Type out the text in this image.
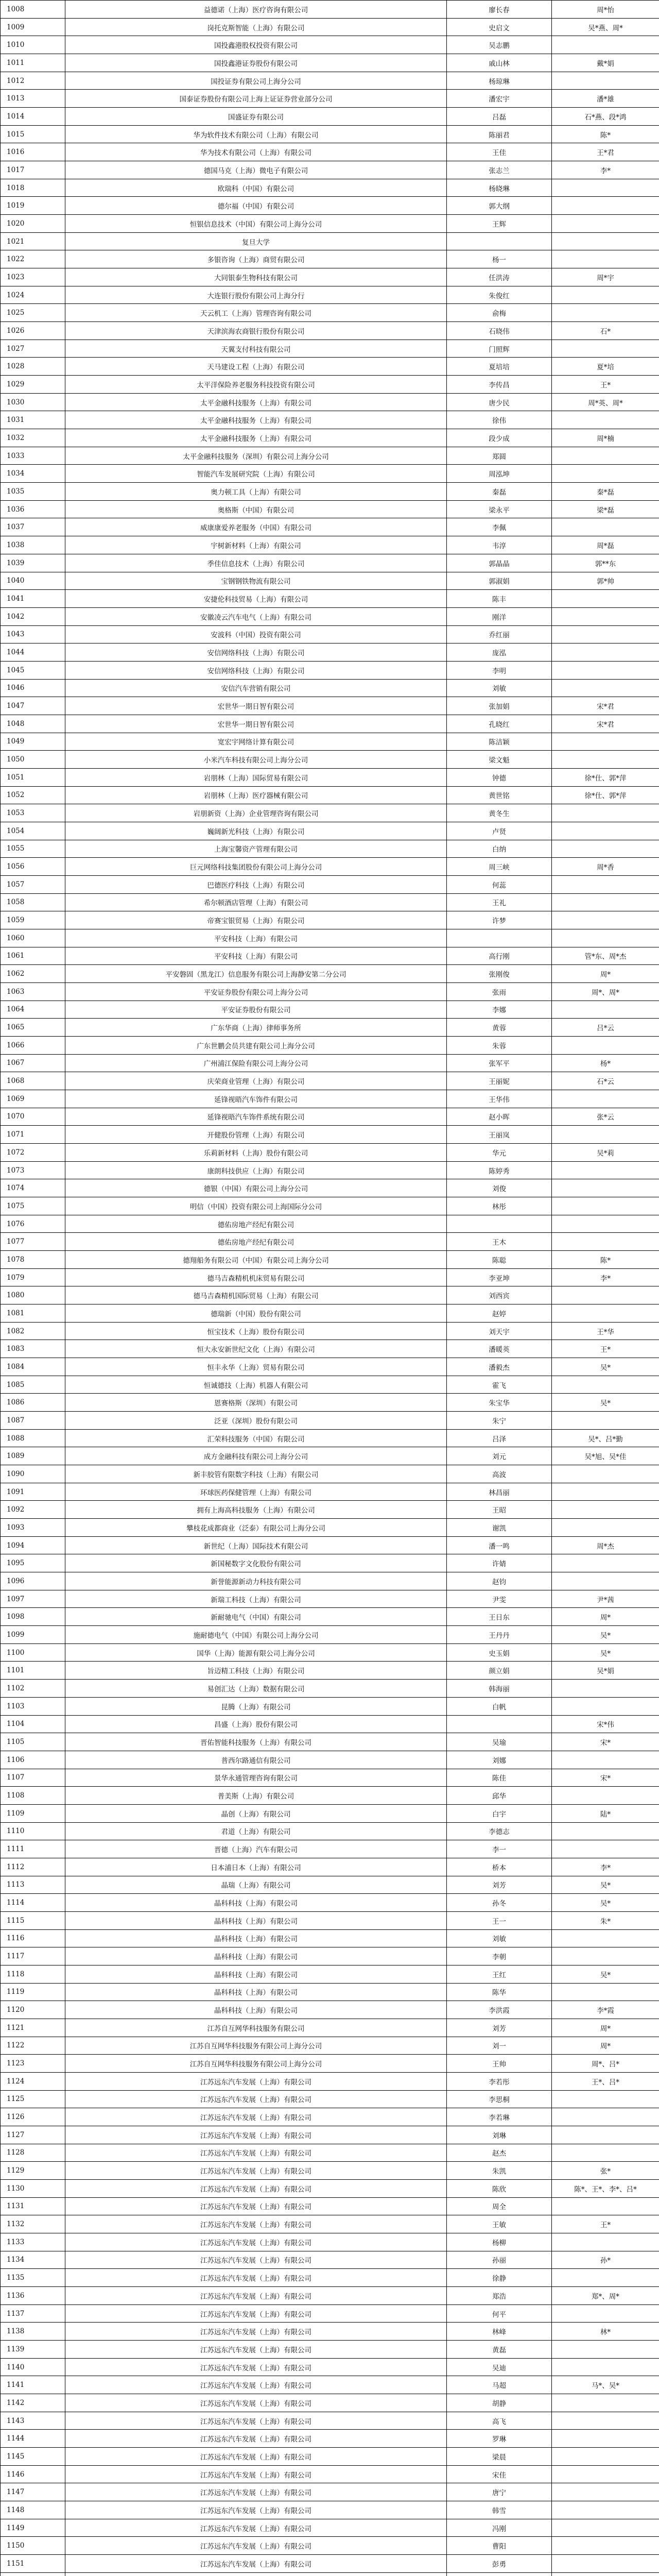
1008	益德诺（上海）医疗咨询有限公司	廖长春	周*怡
1009	岗托克斯智能（上海）有限公司	史启文	吴*燕、周*
1010	国投鑫港股权投资有限公司	吴志鹏	
1011	国投鑫港证券股份有限公司	戚山林	戴*娟
1012	国投证券有限公司上海分公司	杨琼琳	
1013	国泰证券股份有限公司上海上证证券营业部分公司	潘宏宇	潘*雄
1014	国盛证券有限公司	吕磊	石*燕、段*鸿
1015	华为软件技术有限公司（上海）有限公司	陈丽君	陈*
1016	华为技术有限公司（上海）有限公司	王佳	王*君
1017	德国马克（上海）微电子有限公司	张志兰	李*
1018	欧瑞科（中国）有限公司	杨晓琳	
1019	德尔福（中国）有限公司	郭大纲	
1020	恒银信息技术（中国）有限公司上海分公司	王辉	
1021	复旦大学		
1022	多银咨询（上海）商贸有限公司	杨一	
1023	大同银泰生物科技有限公司	任洪涛	周*宇
1024	大连银行股份有限公司上海分行	朱俊红	
1025	天云机工（上海）管理咨询有限公司	俞梅	
1026	天津滨海农商银行股份有限公司	石晓伟	石*
1027	天翼支付科技有限公司	门照辉	
1028	天马建设工程（上海）有限公司	夏培培	夏*培
1029	太平洋保险养老服务科技投资有限公司	李传昌	王*
1030	太平金融科技服务（上海）有限公司	唐少民	周*英、周*
1031	太平金融科技服务（上海）有限公司	徐伟	
1032	太平金融科技服务（上海）有限公司	段少成	周*楠
1033	太平金融科技服务（深圳）有限公司上海分公司	郑圆	
1034	智能汽车发展研究院（上海）有限公司	周泓坤	
1035	奥力顿工具（上海）有限公司	秦磊	秦*磊
1036	奥格斯（中国）有限公司	梁永平	梁*磊
1037	威康康爱养老服务（中国）有限公司	李佩	
1038	宇树新材料（上海）有限公司	韦淳	周*磊
1039	季佳信息技术（上海）有限公司	郭晶晶	郭**东
1040	宝钢钢铁物流有限公司	郭淑娟	郭*帅
1041	安捷伦科技贸易（上海）有限公司	陈丰	
1042	安徽凌云汽车电气（上海）有限公司	刚洋	
1043	安波科（中国）投资有限公司	乔红丽	
1044	安信网络科技（上海）有限公司	庞泓	
1045	安信网络科技（上海）有限公司	李明	
1046	安信汽车营销有限公司	刘敏	
1047	宏世华一期日智有限公司	张加娟	宋*君
1048	宏世华一期日智有限公司	孔晓红	宋*君
1049	宽宏宇网络计算有限公司	陈洁颖	
1050	小米汽车科技有限公司上海分公司	梁文魁	
1051	岩朋林（上海）国际贸易有限公司	钟德	徐*仕、郭*萍
1052	岩朋林（上海）医疗器械有限公司	黄世铭	徐*仕、郭*萍
1053	岩朋新资（上海）企业管理咨询有限公司	黄冬生	
1054	巍阔新光科技（上海）有限公司	卢贤	
1055	上海宝馨资产管理有限公司	白纳	
1056	巨元网络科技集团股份有限公司上海分公司	周三峡	周*香
1057	巴德医疗科技（上海）有限公司	何蕊	
1058	希尔顿酒店管理（上海）有限公司	王礼	
1059	帝赛宝银贸易（上海）有限公司	许梦	
1060	平安科技（上海）有限公司		
1061	平安科技（上海）有限公司	高行刚	管*东、周*杰
1062	平安磐固（黑龙江）信息服务有限公司上海静安第二分公司	张刚俊	周*
1063	平安证券股份有限公司上海分公司	张雨	周*、周*
1064	平安证券股份有限公司	李娜	
1065	广东华商（上海）律师事务所	黄蓉	吕*云
1066	广东世鹏会员共建有限公司上海分公司	朱蓉	
1067	广州浦江保险有限公司上海分公司	张军平	杨*
1068	庆荣商业管理（上海）有限公司	王丽妮	石*云
1069	延锋视晤汽车饰件有限公司	王华伟	
1070	延锋视晤汽车饰件系统有限公司	赵小晖	张*云
1071	开健股份管理（上海）有限公司	王丽岚	
1072	乐莉新材料（上海）股份有限公司	华元	吴*莉
1073	康朗科技供应（上海）有限公司	陈婷秀	
1074	德银（中国）有限公司上海分公司	刘俊	
1075	明信（中国）投资有限公司上海国际分公司	林彤	
1076	德佑房地产经纪有限公司		
1077	德佑房地产经纪有限公司	王木	
1078	德翔船务有限公司（中国）有限公司上海分公司	陈聪	陈*
1079	德马吉森精机机床贸易有限公司	李亚坤	李*
1080	德马吉森精机国际贸易（上海）有限公司	刘西宾	
1081	德瑞新（中国）股份有限公司	赵婷	
1082	恒宝技术（上海）股份有限公司	刘天宇	王*华
1083	恒大永安新世纪文化（上海）有限公司	潘暖英	王*
1084	恒丰永华（上海）贸易有限公司	潘毅杰	吴*
1085	恒诚德技（上海）机器人有限公司	霍飞	
1086	恩赛格斯（深圳）有限公司	朱宝华	吴*
1087	泛亚（深圳）股份有限公司	朱宁	
1088	汇荣科技服务（中国）有限公司	吕泽	吴*、吕*勤
1089	成方金融科技有限公司上海分公司	刘元	吴*旭、吴*佳
1090	新丰胶管有限数字科技（上海）有限公司	高波	
1091	环球医药保健管理（上海）有限公司	林昌丽	
1092	拥有上海高科技服务（上海）有限公司	王昭	
1093	攀枝花成都商业（泛泰）有限公司上海分公司	谢凯	
1094	新世纪（上海）国际技术有限公司	潘一鸣	周*杰
1095	新国秘数字文化股份有限公司	许婧	
1096	新誉能源新动力科技有限公司	赵钧	
1097	新瑞工科技（上海）有限公司	尹雯	尹*茜
1098	新耐驰电气（中国）有限公司	王日东	周*
1099	施耐德电气（中国）有限公司上海分公司	王丹丹	吴*
1100	国华（上海）能源有限公司上海分公司	史玉娟	吴*
1101	旨迈精工科技（上海）有限公司	颜立娟	吴*娟
1102	易创汇达（上海）数据有限公司	韩海丽	
1103	昆腾（上海）有限公司	白帆	
1104	昌盛（上海）股份有限公司		宋*伟
1105	晋佑智能科技服务（上海）有限公司	吴瑜	宋*
1106	普西尔路通信有限公司	刘娜	
1107	景华永通管理咨询有限公司	陈佳	宋*
1108	普美斯（上海）有限公司	邱华	
1109	晶创（上海）有限公司	白宇	陆*
1110	君道（上海）有限公司	李德志	
1111	晋德（上海）汽车有限公司	李一	
1112	日本浦日本（上海）有限公司	桥本	李*
1113	晶瑞（上海）有限公司	刘芳	吴*
1114	晶科科技（上海）有限公司	孙冬	吴*
1115	晶科科技（上海）有限公司	王一	朱*
1116	晶科科技（上海）有限公司	刘敏	
1117	晶科科技（上海）有限公司	李朝	
1118	晶科科技（上海）有限公司	王红	吴*
1119	晶科科技（上海）有限公司	陈华	
1120	晶科科技（上海）有限公司	李洪霞	李*霞
1121	江苏自互网华科技服务有限公司	刘芳	周*
1122	江苏自互网华科技服务有限公司上海分公司	刘一	周*
1123	江苏自互网华科技服务有限公司上海分公司	王帅	周*、吕*
1124	江苏远东汽车发展（上海）有限公司	李若彤	王*、吕*
1125	江苏远东汽车发展（上海）有限公司	李思桐	
1126	江苏远东汽车发展（上海）有限公司	李若琳	
1127	江苏远东汽车发展（上海）有限公司	刘琳	
1128	江苏远东汽车发展（上海）有限公司	赵杰	
1129	江苏远东汽车发展（上海）有限公司	朱凯	张*
1130	江苏远东汽车发展（上海）有限公司	陈欣	陈*、王*、李*、吕*
1131	江苏远东汽车发展（上海）有限公司	周全	
1132	江苏远东汽车发展（上海）有限公司	王敏	王*
1133	江苏远东汽车发展（上海）有限公司	杨柳	
1134	江苏远东汽车发展（上海）有限公司	孙丽	孙*
1135	江苏远东汽车发展（上海）有限公司	徐静	
1136	江苏远东汽车发展（上海）有限公司	郑浩	郑*、周*
1137	江苏远东汽车发展（上海）有限公司	何平	
1138	江苏远东汽车发展（上海）有限公司	林峰	林*
1139	江苏远东汽车发展（上海）有限公司	黄磊	
1140	江苏远东汽车发展（上海）有限公司	吴迪	
1141	江苏远东汽车发展（上海）有限公司	马超	马*、吴*
1142	江苏远东汽车发展（上海）有限公司	胡静	
1143	江苏远东汽车发展（上海）有限公司	高飞	
1144	江苏远东汽车发展（上海）有限公司	罗琳	
1145	江苏远东汽车发展（上海）有限公司	梁晨	
1146	江苏远东汽车发展（上海）有限公司	宋佳	
1147	江苏远东汽车发展（上海）有限公司	唐宁	
1148	江苏远东汽车发展（上海）有限公司	韩雪	
1149	江苏远东汽车发展（上海）有限公司	冯刚	
1150	江苏远东汽车发展（上海）有限公司	曹阳	
1151	江苏远东汽车发展（上海）有限公司	彭勇	
